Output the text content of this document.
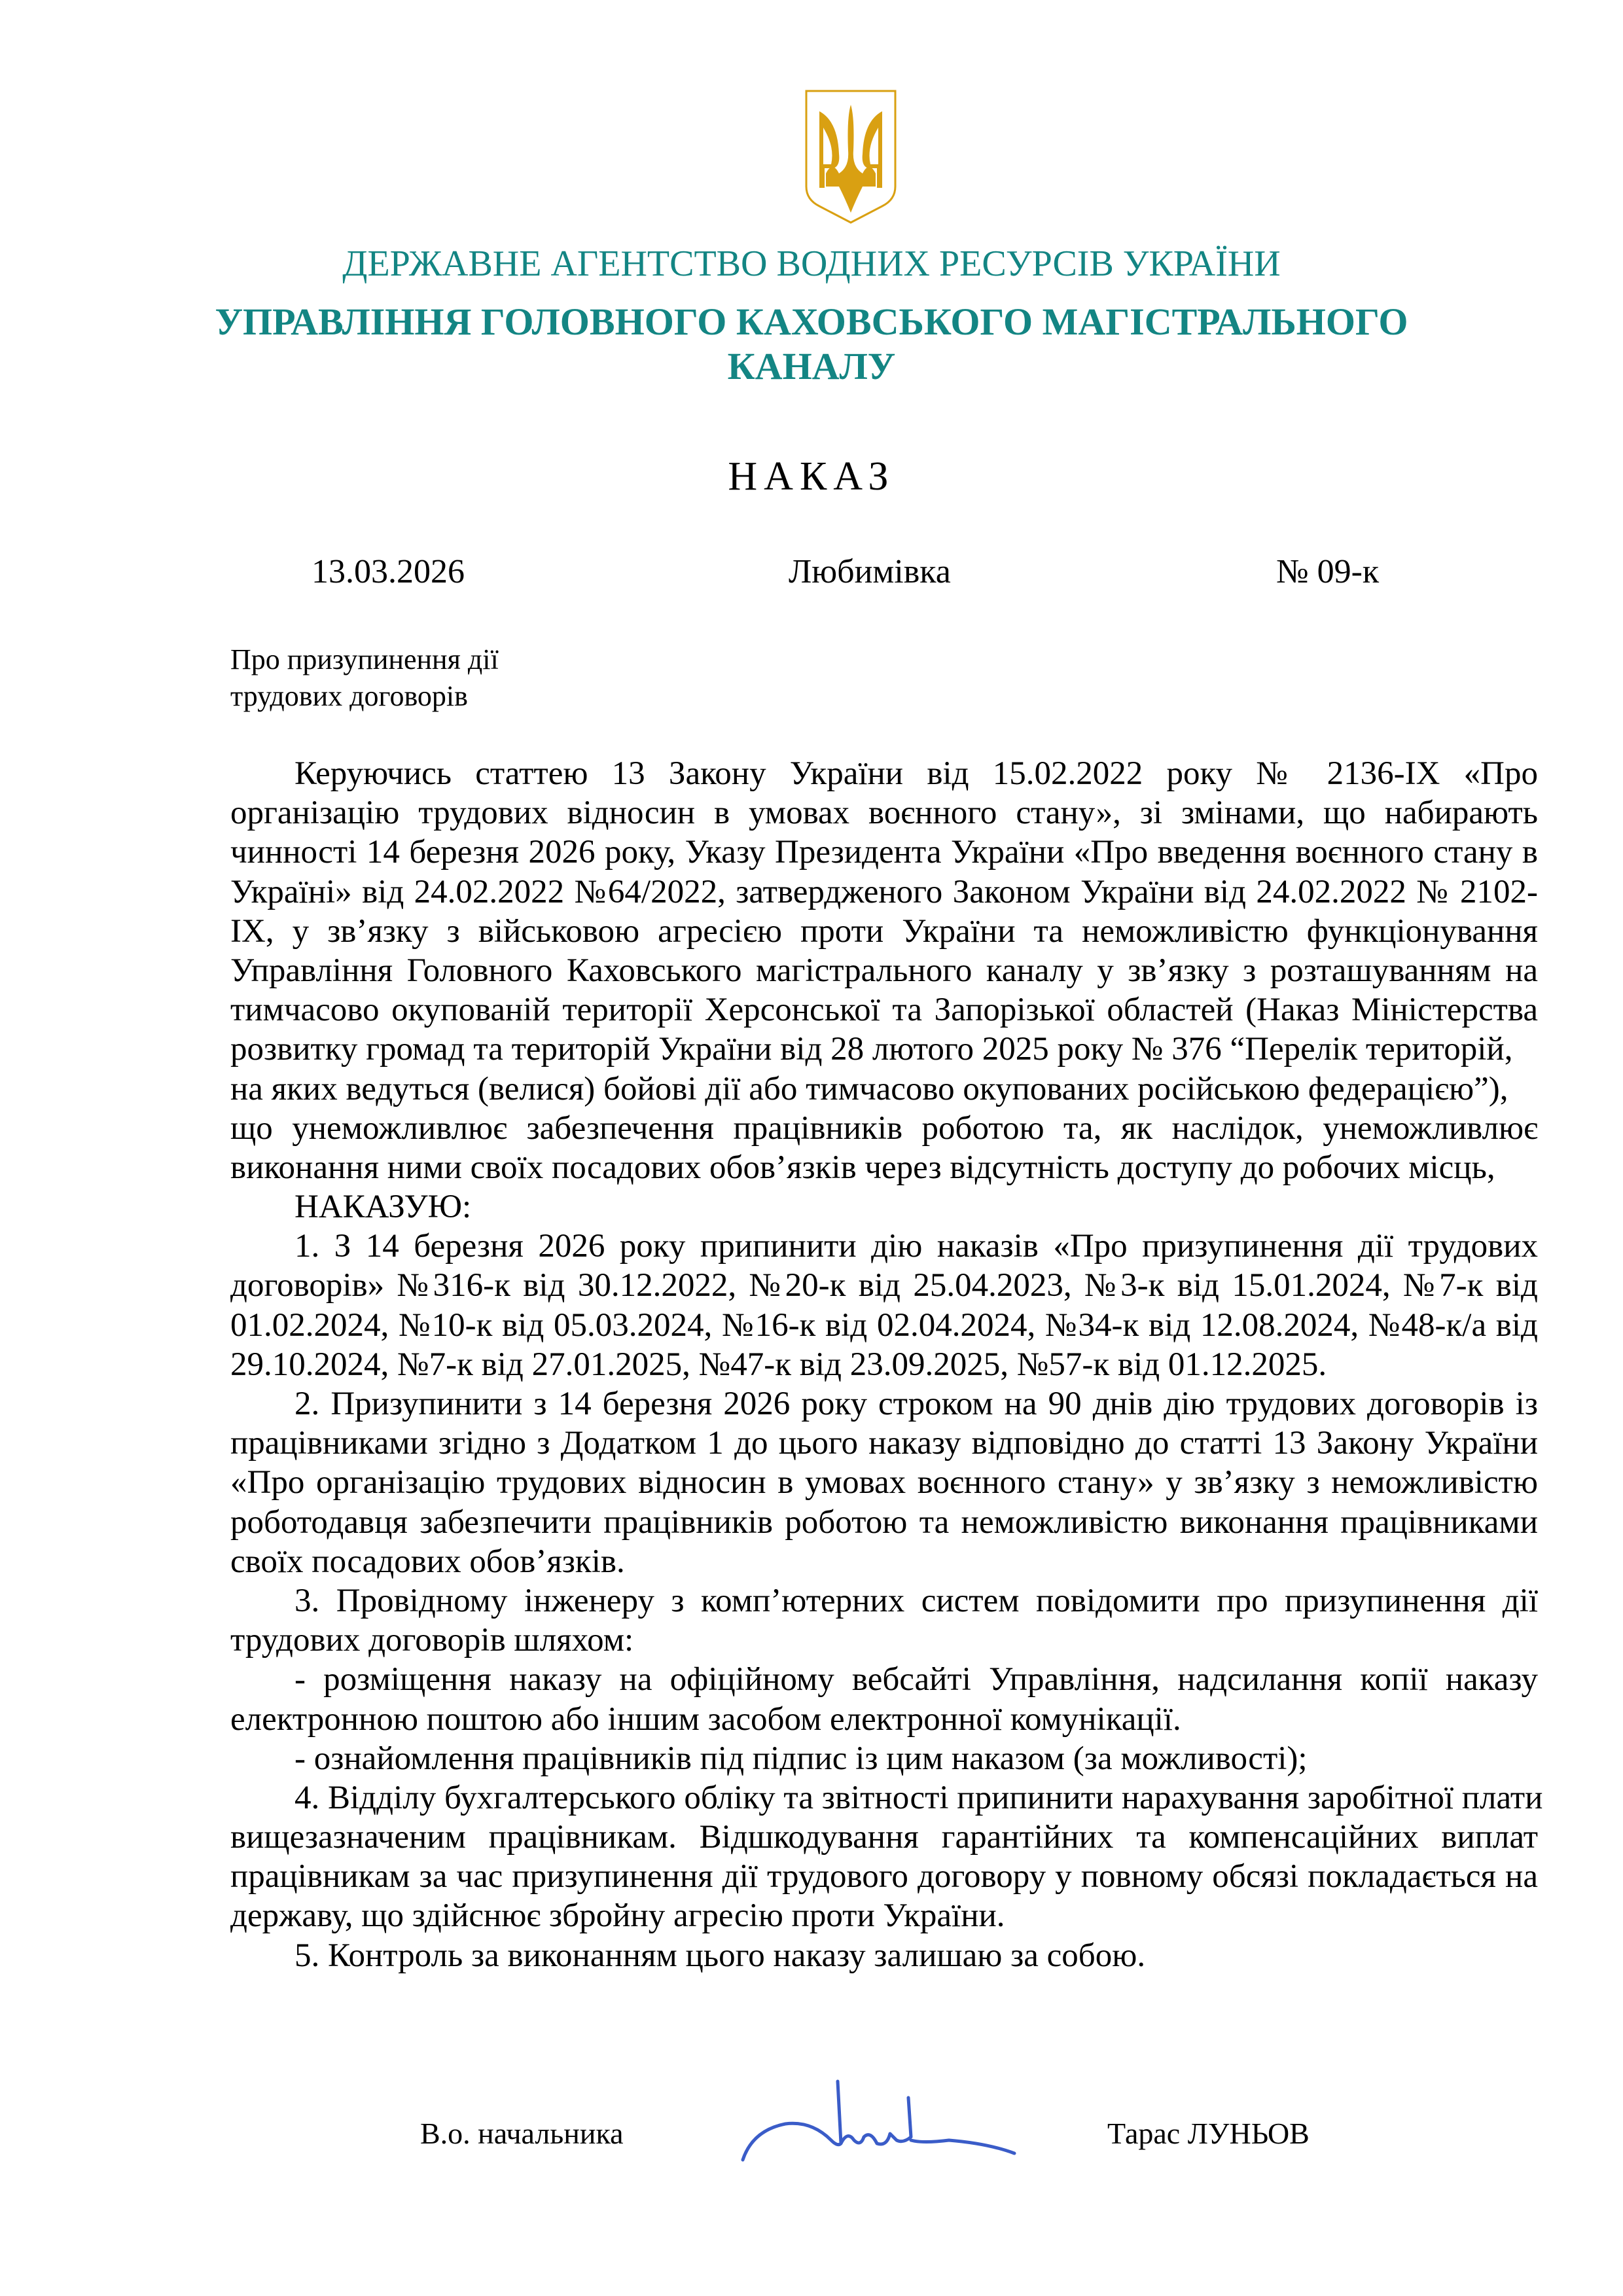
ДЕРЖАВНЕ АГЕНТСТВО ВОДНИХ РЕСУРСІВ УКРАЇНИ
УПРАВЛІННЯ ГОЛОВНОГО КАХОВСЬКОГО МАГІСТРАЛЬНОГО
КАНАЛУ
НАКАЗ
13.03.2026	Любимівка	№ 09-к
Про призупинення дії
трудових договорів
Керуючись статтею 13 Закону України від 15.02.2022 року № 2136-IX «Про
організацію трудових відносин в умовах воєнного стану», зі змінами, що набирають
чинності 14 березня 2026 року, Указу Президента України «Про введення воєнного стану в
Україні» від 24.02.2022 №64/2022, затвердженого Законом України від 24.02.2022 № 2102-
IX, у зв’язку з військовою агресією проти України та неможливістю функціонування
Управління Головного Каховського магістрального каналу у зв’язку з розташуванням на
тимчасово окупованій території Херсонської та Запорізької областей (Наказ Міністерства
розвитку громад та територій України від 28 лютого 2025 року № 376 “Перелік територій,
на яких ведуться (велися) бойові дії або тимчасово окупованих російською федерацією”),
що унеможливлює забезпечення працівників роботою та, як наслідок, унеможливлює
виконання ними своїх посадових обов’язків через відсутність доступу до робочих місць,
НАКАЗУЮ:
1. З 14 березня 2026 року припинити дію наказів «Про призупинення дії трудових
договорів» №316-к від 30.12.2022, №20-к від 25.04.2023, №3-к від 15.01.2024, №7-к від
01.02.2024, №10-к від 05.03.2024, №16-к від 02.04.2024, №34-к від 12.08.2024, №48-к/а від
29.10.2024, №7-к від 27.01.2025, №47-к від 23.09.2025, №57-к від 01.12.2025.
2. Призупинити з 14 березня 2026 року строком на 90 днів дію трудових договорів із
працівниками згідно з Додатком 1 до цього наказу відповідно до статті 13 Закону України
«Про організацію трудових відносин в умовах воєнного стану» у зв’язку з неможливістю
роботодавця забезпечити працівників роботою та неможливістю виконання працівниками
своїх посадових обов’язків.
3. Провідному інженеру з комп’ютерних систем повідомити про призупинення дії
трудових договорів шляхом:
- розміщення наказу на офіційному вебсайті Управління, надсилання копії наказу
електронною поштою або іншим засобом електронної комунікації.
- ознайомлення працівників під підпис із цим наказом (за можливості);
4. Відділу бухгалтерського обліку та звітності припинити нарахування заробітної плати
вищезазначеним працівникам. Відшкодування гарантійних та компенсаційних виплат
працівникам за час призупинення дії трудового договору у повному обсязі покладається на
державу, що здійснює збройну агресію проти України.
5. Контроль за виконанням цього наказу залишаю за собою.
В.о. начальника	Тарас ЛУНЬОВ
